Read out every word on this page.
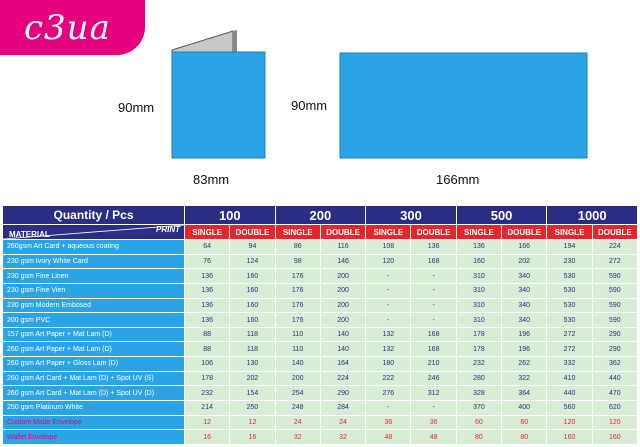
c3ua
90mm
83mm
90mm
166mm
Quantity / Pcs	100		200		300		500		1000	

PRINT
MATERIAL	SINGLE	DOUBLE	SINGLE	DOUBLE	SINGLE	DOUBLE	SINGLE	DOUBLE	SINGLE	DOUBLE
260gsm Art Card + aqueous coating	64	94	86	116	108	136	136	166	194	224
230 gsm Ivory White Card	76	124	98	146	120	168	160	202	230	272
230 gsm Fine Linen	136	160	176	200	-	-	310	340	530	590
230 gsm Fine Vien	136	160	176	200	-	-	310	340	530	590
230 gsm Modern Embosed	136	160	176	200	-	-	310	340	530	590
200 gsm PVC	136	160	176	200	-	-	310	340	530	590
157 gsm Art Paper + Mat Lam (D)	88	118	110	140	132	168	178	196	272	290
260 gsm Art Paper + Mat Lam (D)	88	118	110	140	132	168	178	196	272	290
260 gsm Art Paper + Gloss Lam (D)	106	130	140	164	180	210	232	262	332	362
260 gsm Art Card + Mat Lam (D) + Spot UV (S)	178	202	200	224	222	246	280	322	410	440
260 gsm Art Card + Mat Lam (D) + Spot UV (D)	232	154	254	290	276	312	328	364	440	470
250 gsm Platinum White	214	250	248	284	-	-	370	400	560	620
Custom Made Envelope	12	12	24	24	36	36	60	60	120	120
Wallet Envelope	16	16	32	32	48	48	80	80	160	160
